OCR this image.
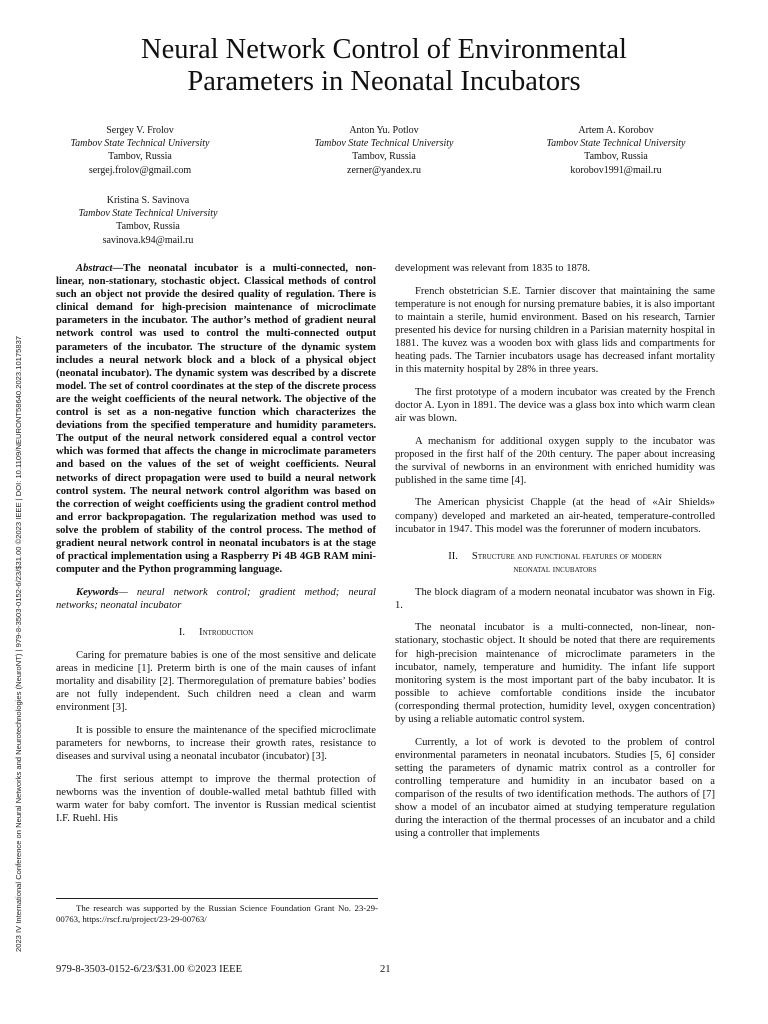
Neural Network Control of Environmental
Parameters in Neonatal Incubators
Sergey V. Frolov
Tambov State Technical University
Tambov, Russia
sergej.frolov@gmail.com
Anton Yu. Potlov
Tambov State Technical University
Tambov, Russia
zerner@yandex.ru
Artem A. Korobov
Tambov State Technical University
Tambov, Russia
korobov1991@mail.ru
Kristina S. Savinova
Tambov State Technical University
Tambov, Russia
savinova.k94@mail.ru

Abstract—The neonatal incubator is a multi-connected, non-linear, non-stationary, stochastic object. Classical methods of control such an object not provide the desired quality of regulation. There is clinical demand for high-precision maintenance of microclimate parameters in the incubator. The author’s method of gradient neural network control was used to control the multi-connected output parameters of the incubator. The structure of the dynamic system includes a neural network block and a block of a physical object (neonatal incubator). The dynamic system was described by a discrete model. The set of control coordinates at the step of the discrete process are the weight coefficients of the neural network. The objective of the control is set as a non-negative function which characterizes the deviations from the specified temperature and humidity parameters. The output of the neural network considered equal a control vector which was formed that affects the change in microclimate parameters and based on the values of the set of weight coefficients. Neural networks of direct propagation were used to build a neural network control system. The neural network control algorithm was based on the correction of weight coefficients using the gradient control method and error backpropagation. The regularization method was used to solve the problem of stability of the control process. The method of gradient neural network control in neonatal incubators is at the stage of practical implementation using a Raspberry Pi 4B 4GB RAM mini-computer and the Python programming language.

Keywords— neural network control; gradient method; neural networks; neonatal incubator

I. Introduction

Caring for premature babies is one of the most sensitive and delicate areas in medicine [1]. Preterm birth is one of the main causes of infant mortality and disability [2]. Thermoregulation of premature babies’ bodies are not fully independent. Such children need a clean and warm environment [3].

It is possible to ensure the maintenance of the specified microclimate parameters for newborns, to increase their growth rates, resistance to diseases and survival using a neonatal incubator (incubator) [3].

The first serious attempt to improve the thermal protection of newborns was the invention of double-walled metal bathtub filled with warm water for baby comfort. The inventor is Russian medical scientist I.F. Ruehl. His

development was relevant from 1835 to 1878.

French obstetrician S.E. Tarnier discover that maintaining the same temperature is not enough for nursing premature babies, it is also important to maintain a sterile, humid environment. Based on his research, Tarnier presented his device for nursing children in a Parisian maternity hospital in 1881. The kuvez was a wooden box with glass lids and compartments for heating pads. The Tarnier incubators usage has decreased infant mortality in this maternity hospital by 28% in three years.

The first prototype of a modern incubator was created by the French doctor A. Lyon in 1891. The device was a glass box into which warm clean air was blown.

A mechanism for additional oxygen supply to the incubator was proposed in the first half of the 20th century. The paper about increasing the survival of newborns in an environment with enriched humidity was published in the same time [4].

The American physicist Chapple (at the head of «Air Shields» company) developed and marketed an air-heated, temperature-controlled incubator in 1947. This model was the forerunner of modern incubators.

II. Structure and functional features of modern
neonatal incubators

The block diagram of a modern neonatal incubator was shown in Fig. 1.

The neonatal incubator is a multi-connected, non-linear, non-stationary, stochastic object. It should be noted that there are requirements for high-precision maintenance of microclimate parameters in the incubator, namely, temperature and humidity. The infant life support monitoring system is the most important part of the baby incubator. It is possible to achieve comfortable conditions inside the incubator (corresponding thermal protection, humidity level, oxygen concentration) by using a reliable automatic control system.

Currently, a lot of work is devoted to the problem of control environmental parameters in neonatal incubators. Studies [5, 6] consider setting the parameters of dynamic matrix control as a controller for controlling temperature and humidity in an incubator based on a comparison of the results of two identification methods. The authors of [7] show a model of an incubator aimed at studying temperature regulation during the interaction of the thermal processes of an incubator and a child using a controller that implements

The research was supported by the Russian Science Foundation Grant No. 23-29-00763, https://rscf.ru/project/23-29-00763/
979-8-3503-0152-6/23/$31.00 ©2023 IEEE	21
2023 IV International Conference on Neural Networks and Neurotechnologies (NeuroNT) | 979-8-3503-0152-6/23/$31.00 ©2023 IEEE | DOI: 10.1109/NEURONT58640.2023.10175837
